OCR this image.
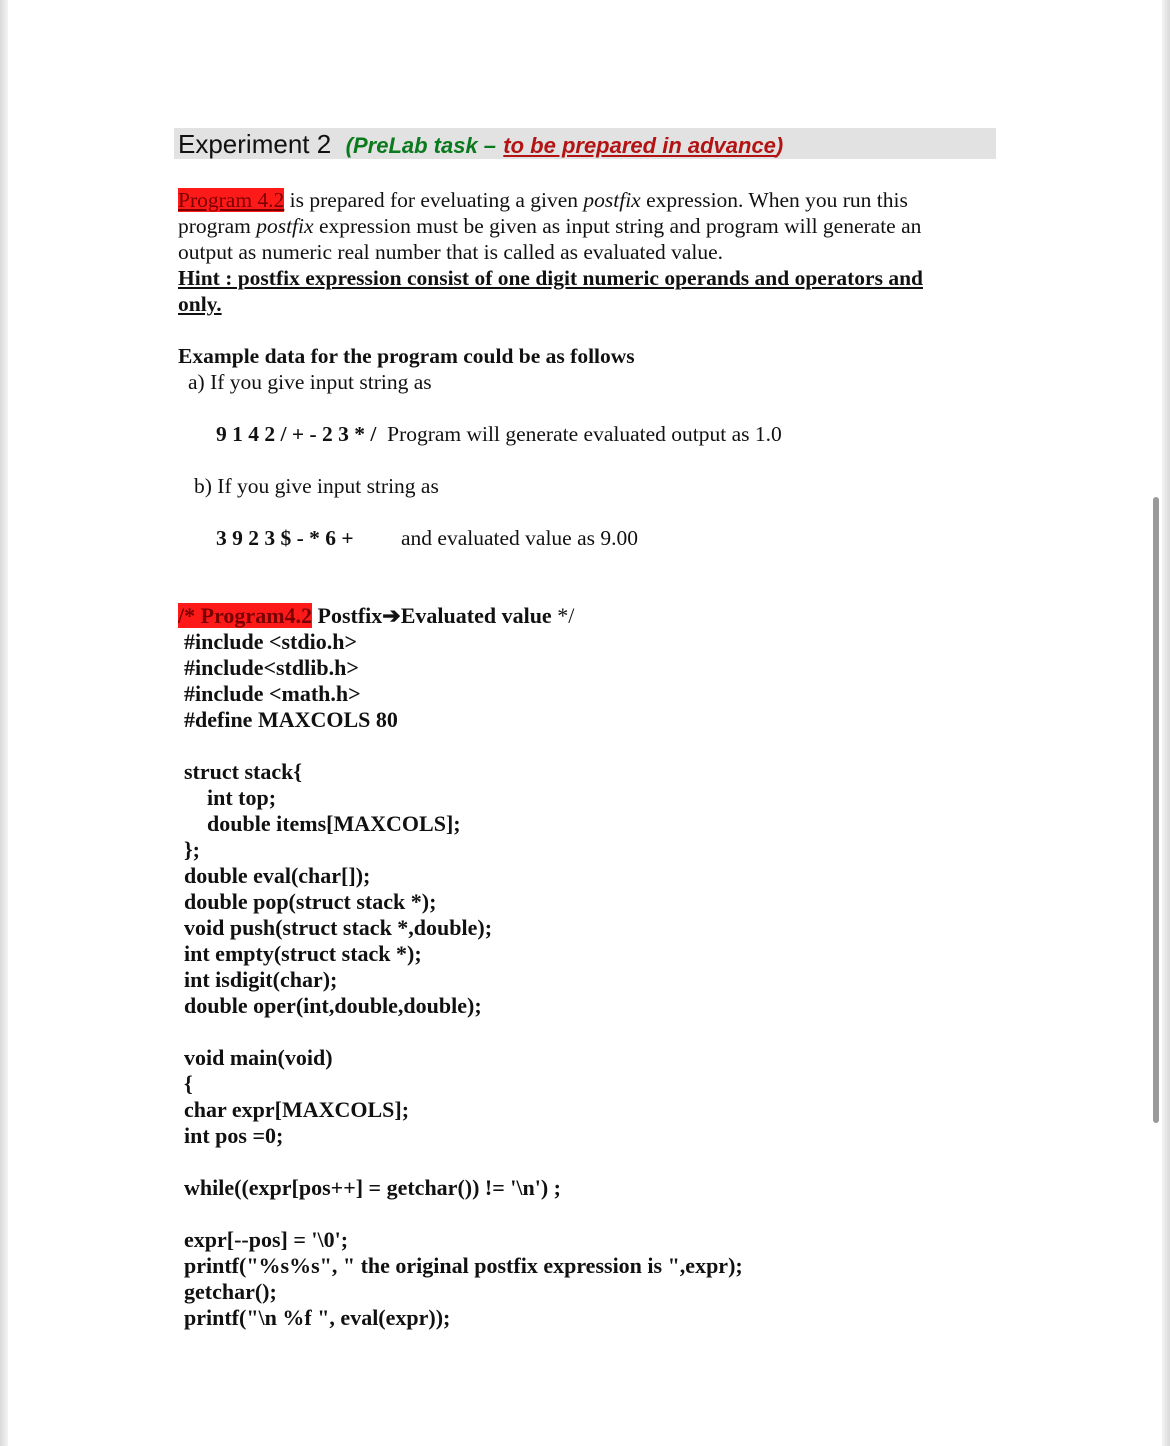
Experiment 2 (PreLab task – to be prepared in advance)
Program 4.2 is prepared for eveluating a given postfix expression. When you run this
program postfix expression must be given as input string and program will generate an
output as numeric real number that is called as evaluated value.
Hint : postfix expression consist of one digit numeric operands and operators and
only.
Example data for the program could be as follows
a) If you give input string as
9 1 4 2 / + - 2 3 * / Program will generate evaluated output as 1.0
b) If you give input string as
3 9 2 3 $ - * 6 + and evaluated value as 9.00
/* Program4.2 Postfix➔Evaluated value */
#include <stdio.h>
#include<stdlib.h>
#include <math.h>
#define MAXCOLS 80
struct stack{
int top;
double items[MAXCOLS];
};
double eval(char[]);
double pop(struct stack *);
void push(struct stack *,double);
int empty(struct stack *);
int isdigit(char);
double oper(int,double,double);
void main(void)
{
char expr[MAXCOLS];
int pos =0;
while((expr[pos++] = getchar()) != '\n') ;
expr[--pos] = '\0';
printf("%s%s", " the original postfix expression is ",expr);
getchar();
printf("\n %f ", eval(expr));
